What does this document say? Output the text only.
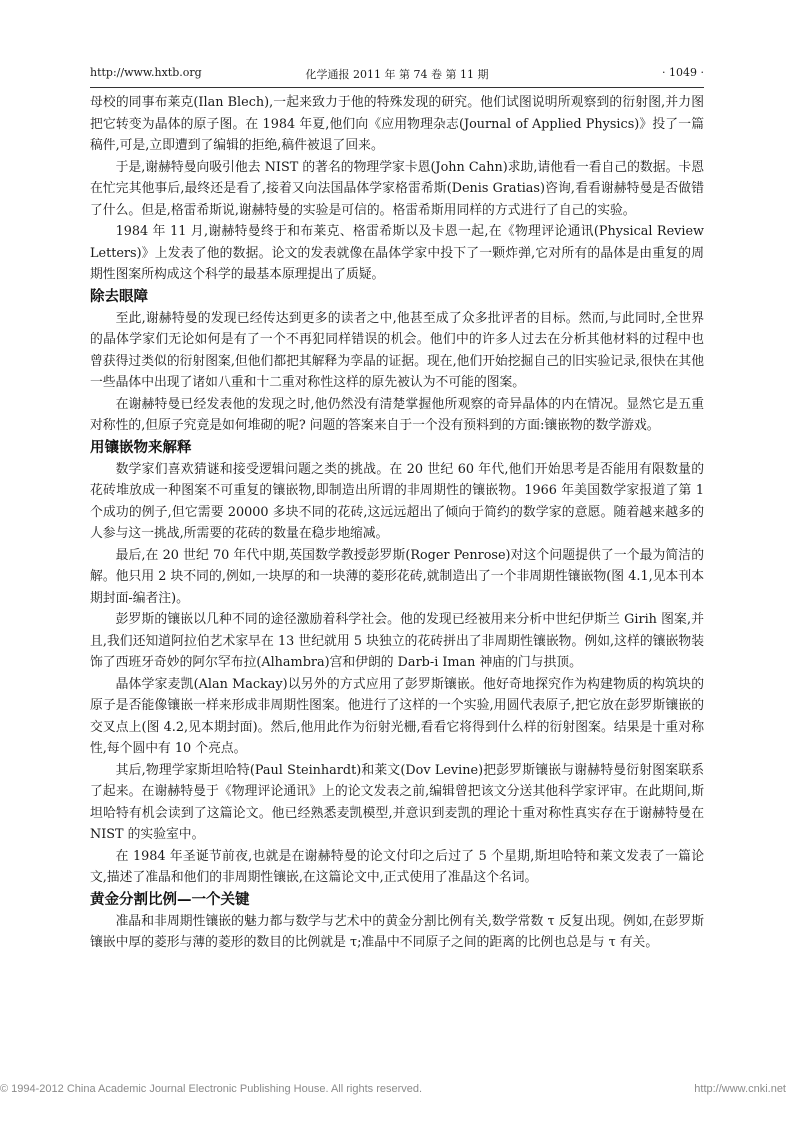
http://www.hxtb.org	化学通报 2011 年 第 74 卷 第 11 期	· 1049 ·

母校的同事布莱克(Ilan Blech),一起来致力于他的特殊发现的研究。他们试图说明所观察到的衍射图,并力图把它转变为晶体的原子图。在 1984 年夏,他们向《应用物理杂志(Journal of Applied Physics)》投了一篇稿件,可是,立即遭到了编辑的拒绝,稿件被退了回来。

于是,谢赫特曼向吸引他去 NIST 的著名的物理学家卡恩(John Cahn)求助,请他看一看自己的数据。卡恩在忙完其他事后,最终还是看了,接着又向法国晶体学家格雷希斯(Denis Gratias)咨询,看看谢赫特曼是否做错了什么。但是,格雷希斯说,谢赫特曼的实验是可信的。格雷希斯用同样的方式进行了自己的实验。

1984 年 11 月,谢赫特曼终于和布莱克、格雷希斯以及卡恩一起,在《物理评论通讯(Physical Review Letters)》上发表了他的数据。论文的发表就像在晶体学家中投下了一颗炸弹,它对所有的晶体是由重复的周期性图案所构成这个科学的最基本原理提出了质疑。

除去眼障

至此,谢赫特曼的发现已经传达到更多的读者之中,他甚至成了众多批评者的目标。然而,与此同时,全世界的晶体学家们无论如何是有了一个不再犯同样错误的机会。他们中的许多人过去在分析其他材料的过程中也曾获得过类似的衍射图案,但他们都把其解释为孪晶的证据。现在,他们开始挖掘自己的旧实验记录,很快在其他一些晶体中出现了诸如八重和十二重对称性这样的原先被认为不可能的图案。

在谢赫特曼已经发表他的发现之时,他仍然没有清楚掌握他所观察的奇异晶体的内在情况。显然它是五重对称性的,但原子究竟是如何堆砌的呢? 问题的答案来自于一个没有预料到的方面:镶嵌物的数学游戏。

用镶嵌物来解释

数学家们喜欢猜谜和接受逻辑问题之类的挑战。在 20 世纪 60 年代,他们开始思考是否能用有限数量的花砖堆放成一种图案不可重复的镶嵌物,即制造出所谓的非周期性的镶嵌物。1966 年美国数学家报道了第 1 个成功的例子,但它需要 20000 多块不同的花砖,这远远超出了倾向于简约的数学家的意愿。随着越来越多的人参与这一挑战,所需要的花砖的数量在稳步地缩减。

最后,在 20 世纪 70 年代中期,英国数学教授彭罗斯(Roger Penrose)对这个问题提供了一个最为简洁的解。他只用 2 块不同的,例如,一块厚的和一块薄的菱形花砖,就制造出了一个非周期性镶嵌物(图 4.1,见本刊本期封面-编者注)。

彭罗斯的镶嵌以几种不同的途径激励着科学社会。他的发现已经被用来分析中世纪伊斯兰 Girih 图案,并且,我们还知道阿拉伯艺术家早在 13 世纪就用 5 块独立的花砖拼出了非周期性镶嵌物。例如,这样的镶嵌物装饰了西班牙奇妙的阿尔罕布拉(Alhambra)宫和伊朗的 Darb-i Iman 神庙的门与拱顶。

晶体学家麦凯(Alan Mackay)以另外的方式应用了彭罗斯镶嵌。他好奇地探究作为构建物质的构筑块的原子是否能像镶嵌一样来形成非周期性图案。他进行了这样的一个实验,用圆代表原子,把它放在彭罗斯镶嵌的交叉点上(图 4.2,见本期封面)。然后,他用此作为衍射光栅,看看它将得到什么样的衍射图案。结果是十重对称性,每个圆中有 10 个亮点。

其后,物理学家斯坦哈特(Paul Steinhardt)和莱文(Dov Levine)把彭罗斯镶嵌与谢赫特曼衍射图案联系了起来。在谢赫特曼于《物理评论通讯》上的论文发表之前,编辑曾把该文分送其他科学家评审。在此期间,斯坦哈特有机会读到了这篇论文。他已经熟悉麦凯模型,并意识到麦凯的理论十重对称性真实存在于谢赫特曼在 NIST 的实验室中。

在 1984 年圣诞节前夜,也就是在谢赫特曼的论文付印之后过了 5 个星期,斯坦哈特和莱文发表了一篇论文,描述了准晶和他们的非周期性镶嵌,在这篇论文中,正式使用了准晶这个名词。

黄金分割比例—一个关键

准晶和非周期性镶嵌的魅力都与数学与艺术中的黄金分割比例有关,数学常数 τ 反复出现。例如,在彭罗斯镶嵌中厚的菱形与薄的菱形的数目的比例就是 τ;准晶中不同原子之间的距离的比例也总是与 τ 有关。

© 1994-2012 China Academic Journal Electronic Publishing House. All rights reserved.	http://www.cnki.net
